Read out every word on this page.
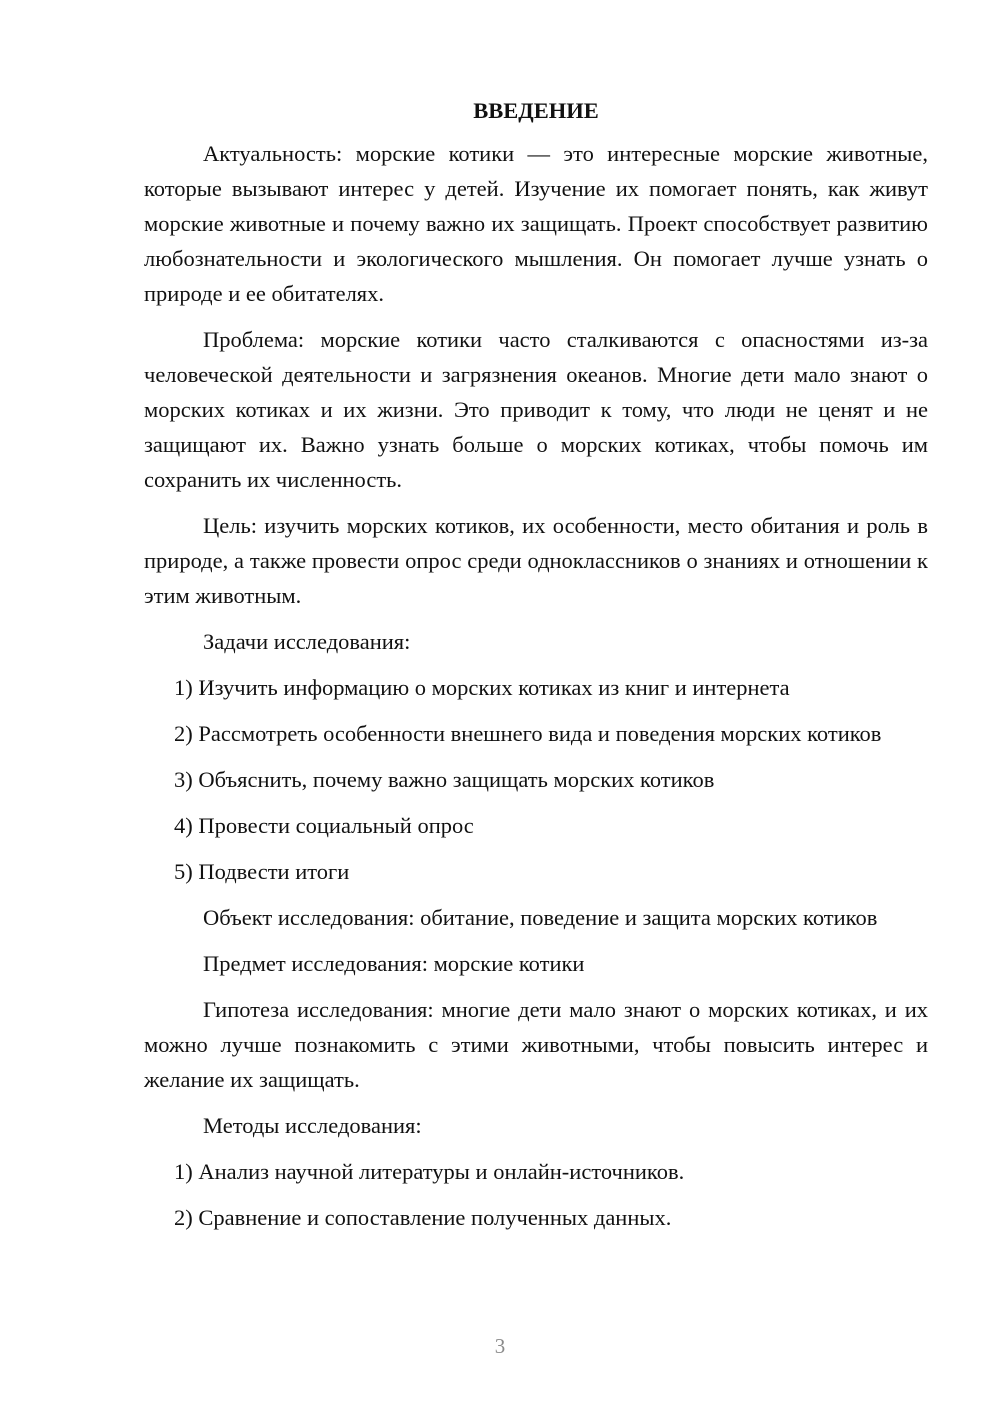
ВВЕДЕНИЕ

Актуальность: морские котики — это интересные морские животные, которые вызывают интерес у детей. Изучение их помогает понять, как живут морские животные и почему важно их защищать. Проект способствует развитию любознательности и экологического мышления. Он помогает лучше узнать о природе и ее обитателях.

Проблема: морские котики часто сталкиваются с опасностями из-за человеческой деятельности и загрязнения океанов. Многие дети мало знают о морских котиках и их жизни. Это приводит к тому, что люди не ценят и не защищают их. Важно узнать больше о морских котиках, чтобы помочь им сохранить их численность.

Цель: изучить морских котиков, их особенности, место обитания и роль в природе, а также провести опрос среди одноклассников о знаниях и отношении к этим животным.

Задачи исследования:

1) Изучить информацию о морских котиках из книг и интернета

2) Рассмотреть особенности внешнего вида и поведения морских котиков

3) Объяснить, почему важно защищать морских котиков

4) Провести социальный опрос

5) Подвести итоги

Объект исследования: обитание, поведение и защита морских котиков

Предмет исследования: морские котики

Гипотеза исследования: многие дети мало знают о морских котиках, и их можно лучше познакомить с этими животными, чтобы повысить интерес и желание их защищать.

Методы исследования:

1) Анализ научной литературы и онлайн-источников.

2) Сравнение и сопоставление полученных данных.

3
